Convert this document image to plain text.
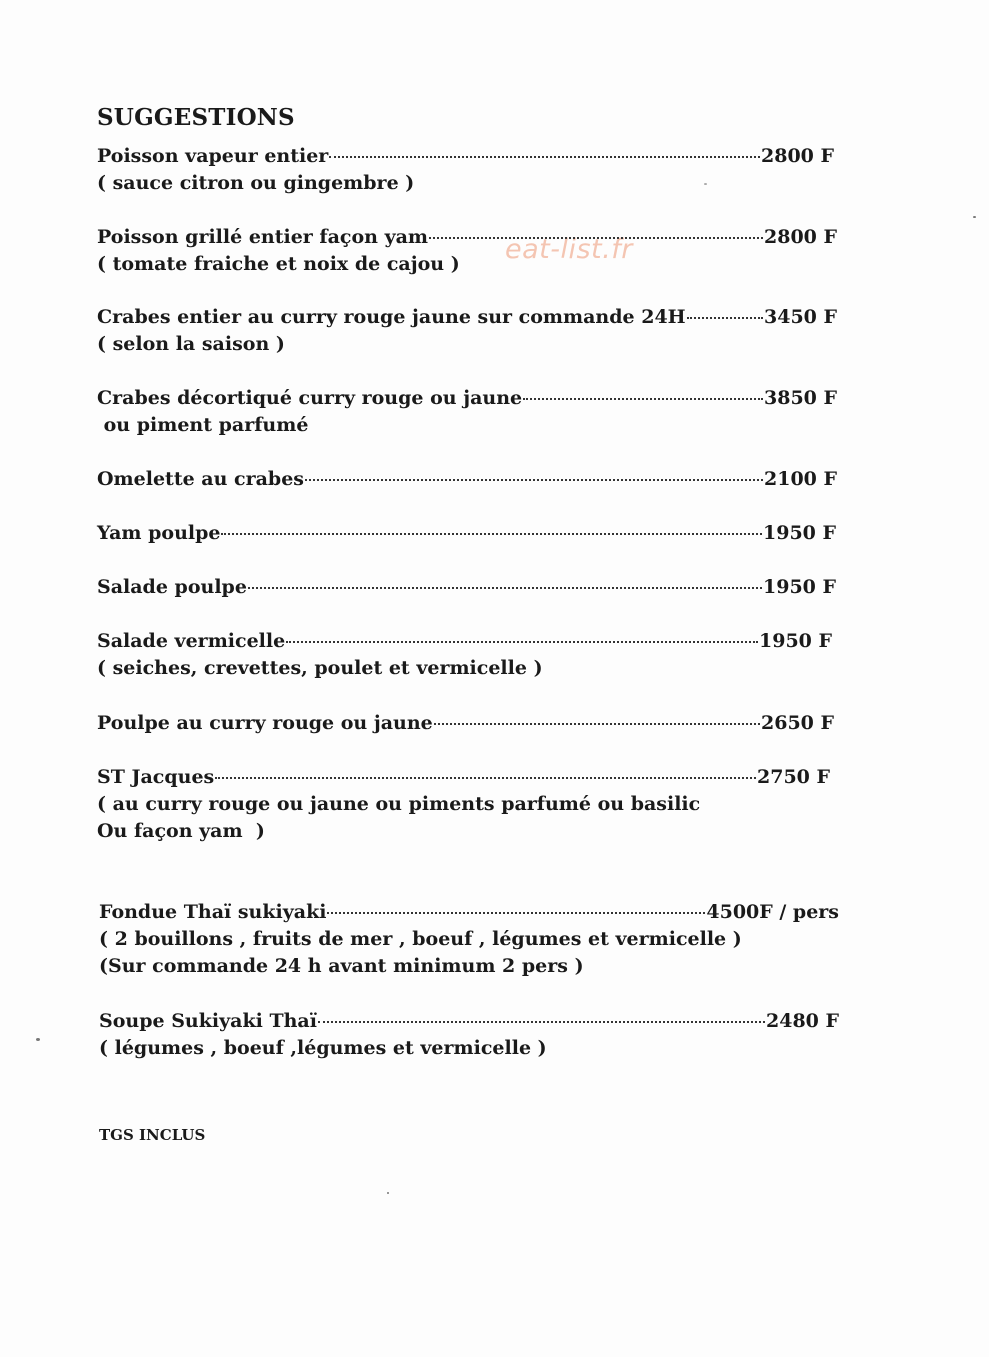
SUGGESTIONS
eat-list.fr
Poisson vapeur entier	2800 F
( sauce citron ou gingembre )
Poisson grillé entier façon yam	2800 F
( tomate fraiche et noix de cajou )
Crabes entier au curry rouge jaune sur commande 24H	3450 F
( selon la saison )
Crabes décortiqué curry rouge ou jaune	3850 F
ou piment parfumé
Omelette au crabes	2100 F
Yam poulpe	1950 F
Salade poulpe	1950 F
Salade vermicelle	1950 F
( seiches, crevettes, poulet et vermicelle )
Poulpe au curry rouge ou jaune	2650 F
ST Jacques	2750 F
( au curry rouge ou jaune ou piments parfumé ou basilic
Ou façon yam  )
Fondue Thaï sukiyaki	4500F / pers
( 2 bouillons , fruits de mer , boeuf , légumes et vermicelle )
(Sur commande 24 h avant minimum 2 pers )
Soupe Sukiyaki Thaï	2480 F
( légumes , boeuf ,légumes et vermicelle )
TGS INCLUS
